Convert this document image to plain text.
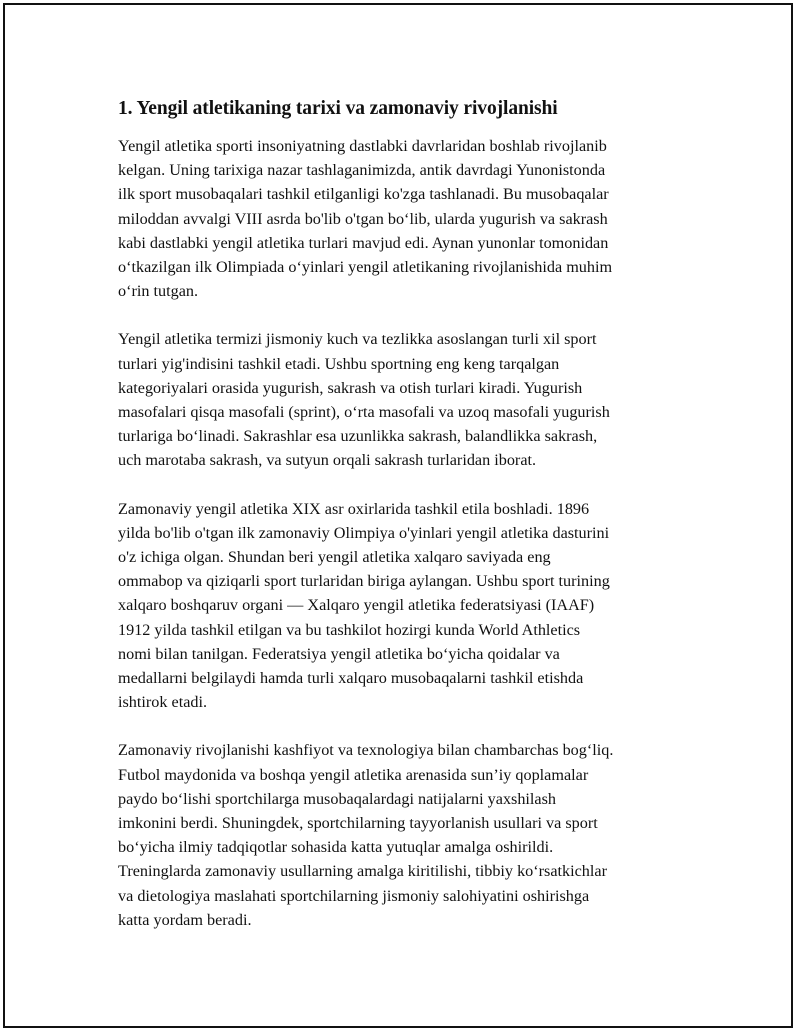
1. Yengil atletikaning tarixi va zamonaviy rivojlanishi

Yengil atletika sporti insoniyatning dastlabki davrlaridan boshlab rivojlanib
kelgan. Uning tarixiga nazar tashlaganimizda, antik davrdagi Yunonistonda
ilk sport musobaqalari tashkil etilganligi ko'zga tashlanadi. Bu musobaqalar
miloddan avvalgi VIII asrda bo'lib o'tgan bo‘lib, ularda yugurish va sakrash
kabi dastlabki yengil atletika turlari mavjud edi. Aynan yunonlar tomonidan
o‘tkazilgan ilk Olimpiada o‘yinlari yengil atletikaning rivojlanishida muhim
o‘rin tutgan.

Yengil atletika termizi jismoniy kuch va tezlikka asoslangan turli xil sport
turlari yig'indisini tashkil etadi. Ushbu sportning eng keng tarqalgan
kategoriyalari orasida yugurish, sakrash va otish turlari kiradi. Yugurish
masofalari qisqa masofali (sprint), o‘rta masofali va uzoq masofali yugurish
turlariga bo‘linadi. Sakrashlar esa uzunlikka sakrash, balandlikka sakrash,
uch marotaba sakrash, va sutyun orqali sakrash turlaridan iborat.

Zamonaviy yengil atletika XIX asr oxirlarida tashkil etila boshladi. 1896
yilda bo'lib o'tgan ilk zamonaviy Olimpiya o'yinlari yengil atletika dasturini
o'z ichiga olgan. Shundan beri yengil atletika xalqaro saviyada eng
ommabop va qiziqarli sport turlaridan biriga aylangan. Ushbu sport turining
xalqaro boshqaruv organi — Xalqaro yengil atletika federatsiyasi (IAAF)
1912 yilda tashkil etilgan va bu tashkilot hozirgi kunda World Athletics
nomi bilan tanilgan. Federatsiya yengil atletika bo‘yicha qoidalar va
medallarni belgilaydi hamda turli xalqaro musobaqalarni tashkil etishda
ishtirok etadi.

Zamonaviy rivojlanishi kashfiyot va texnologiya bilan chambarchas bog‘liq.
Futbol maydonida va boshqa yengil atletika arenasida sun’iy qoplamalar
paydo bo‘lishi sportchilarga musobaqalardagi natijalarni yaxshilash
imkonini berdi. Shuningdek, sportchilarning tayyorlanish usullari va sport
bo‘yicha ilmiy tadqiqotlar sohasida katta yutuqlar amalga oshirildi.
Treninglarda zamonaviy usullarning amalga kiritilishi, tibbiy ko‘rsatkichlar
va dietologiya maslahati sportchilarning jismoniy salohiyatini oshirishga
katta yordam beradi.
